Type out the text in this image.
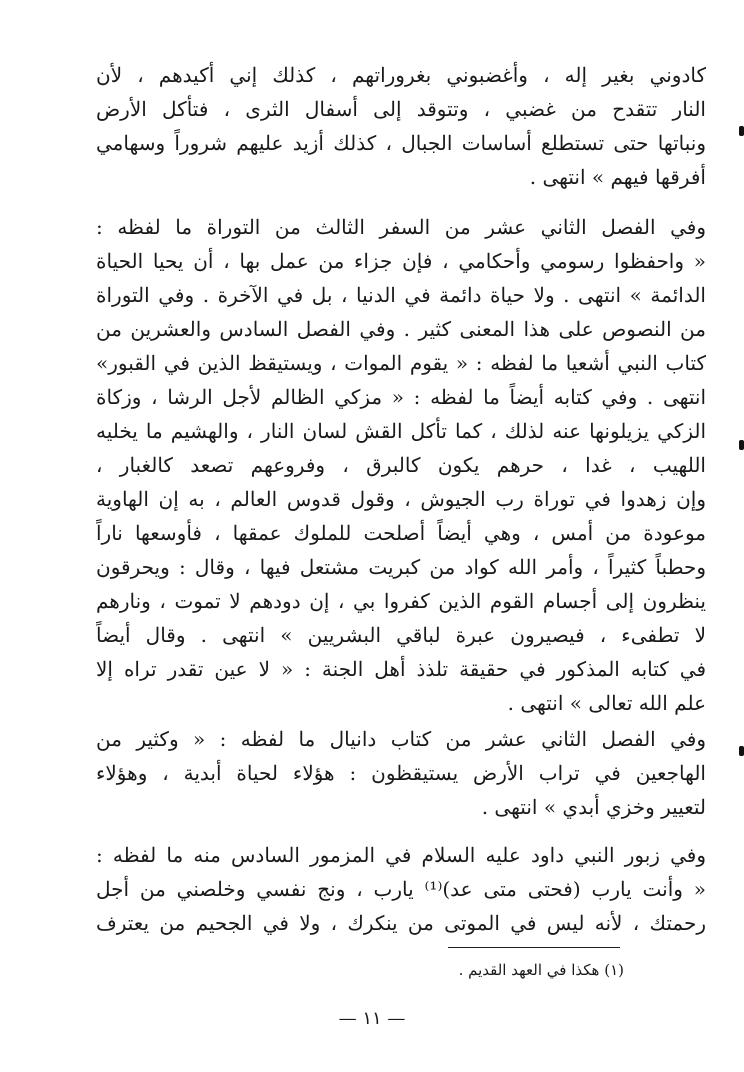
كادوني بغير إله ، وأغضبوني بغروراتهم ، كذلك إني أكيدهم ، لأن
النار تتقدح من غضبي ، وتتوقد إلى أسفال الثرى ، فتأكل الأرض
ونباتها حتى تستطلع أساسات الجبال ، كذلك أزيد عليهم شروراً وسهامي
أفرقها فيهم » انتهى .
وفي الفصل الثاني عشر من السفر الثالث من التوراة ما لفظه :
« واحفظوا رسومي وأحكامي ، فإن جزاء من عمل بها ، أن يحيا الحياة
الدائمة » انتهى . ولا حياة دائمة في الدنيا ، بل في الآخرة . وفي التوراة
من النصوص على هذا المعنى كثير . وفي الفصل السادس والعشرين من
كتاب النبي أشعيا ما لفظه : « يقوم الموات ، ويستيقظ الذين في القبور»
انتهى . وفي كتابه أيضاً ما لفظه : « مزكي الظالم لأجل الرشا ، وزكاة
الزكي يزيلونها عنه لذلك ، كما تأكل القش لسان النار ، والهشيم ما يخليه
اللهيب ، غدا ، حرهم يكون كالبرق ، وفروعهم تصعد كالغبار ،
وإن زهدوا في توراة رب الجيوش ، وقول قدوس العالم ، به إن الهاوية
موعودة من أمس ، وهي أيضاً أصلحت للملوك عمقها ، فأوسعها ناراً
وحطباً كثيراً ، وأمر الله كواد من كبريت مشتعل فيها ، وقال : ويحرقون
ينظرون إلى أجسام القوم الذين كفروا بي ، إن دودهم لا تموت ، ونارهم
لا تطفىء ، فيصيرون عبرة لباقي البشريين » انتهى . وقال أيضاً
في كتابه المذكور في حقيقة تلذذ أهل الجنة : « لا عين تقدر تراه إلا
علم الله تعالى » انتهى .
وفي الفصل الثاني عشر من كتاب دانيال ما لفظه : « وكثير من
الهاجعين في تراب الأرض يستيقظون : هؤلاء لحياة أبدية ، وهؤلاء
لتعيير وخزي أبدي » انتهى .
وفي زبور النبي داود عليه السلام في المزمور السادس منه ما لفظه :
« وأنت يارب (فحتى متى عد)⁽¹⁾ يارب ، ونج نفسي وخلصني من أجل
رحمتك ، لأنه ليس في الموتى من ينكرك ، ولا في الجحيم من يعترف
(١) هكذا في العهد القديم .
— ١١ —
